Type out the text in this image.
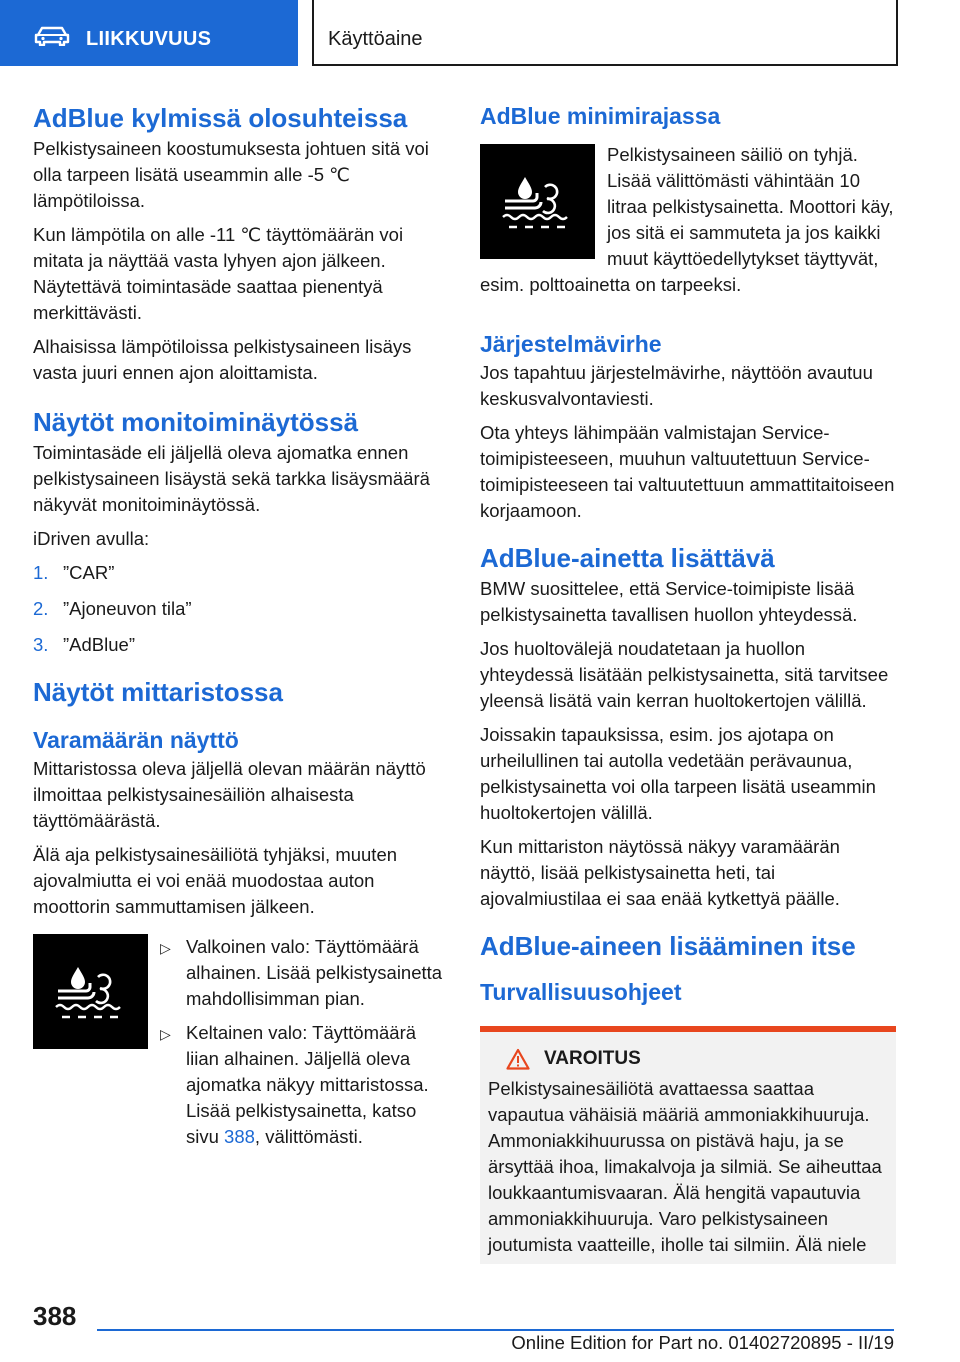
LIIKKUVUUS	Käyttöaine
AdBlue kylmissä olosuhteissa

Pelkistysaineen koostumuksesta johtuen sitä voi olla tarpeen lisätä useammin alle -5 ℃ lämpötiloissa.

Kun lämpötila on alle -11 ℃ täyttömäärän voi mitata ja näyttää vasta lyhyen ajon jälkeen. Näytettävä toimintasäde saattaa pienentyä merkittävästi.

Alhaisissa lämpötiloissa pelkistysaineen lisäys vasta juuri ennen ajon aloittamista.

Näytöt monitoiminäytössä

Toimintasäde eli jäljellä oleva ajomatka ennen pelkistysaineen lisäystä sekä tarkka lisäysmäärä näkyvät monitoiminäytössä.

iDriven avulla:

1. ”CAR”
2. ”Ajoneuvon tila”
3. ”AdBlue”
Näytöt mittaristossa
Varamäärän näyttö

Mittaristossa oleva jäljellä olevan määrän näyttö ilmoittaa pelkistysainesäiliön alhaisesta täyttömäärästä.

Älä aja pelkistysainesäiliötä tyhjäksi, muuten ajovalmiutta ei voi enää muodostaa auton moottorin sammuttamisen jälkeen.

▷ Valkoinen valo: Täyttömäärä alhainen. Lisää pelkistysainetta mahdollisimman pian.
▷ Keltainen valo: Täyttömäärä liian alhainen. Jäljellä oleva ajomatka näkyy mittaristossa. Lisää pelkistysainetta, katso sivu 388, välittömästi.
AdBlue minimirajassa

Pelkistysaineen säiliö on tyhjä. Lisää välittömästi vähintään 10 litraa pelkistysainetta. Moottori käy, jos sitä ei sammuteta ja jos kaikki muut käyttöedellytykset täyttyvät, esim. polttoainetta on tarpeeksi.

Järjestelmävirhe

Jos tapahtuu järjestelmävirhe, näyttöön avautuu keskusvalvontaviesti.

Ota yhteys lähimpään valmistajan Service-toimipisteeseen, muuhun valtuutettuun Service-toimipisteeseen tai valtuutettuun ammattitaitoiseen korjaamoon.

AdBlue-ainetta lisättävä

BMW suosittelee, että Service-toimipiste lisää pelkistysainetta tavallisen huollon yhteydessä.

Jos huoltovälejä noudatetaan ja huollon yhteydessä lisätään pelkistysainetta, sitä tarvitsee yleensä lisätä vain kerran huoltokertojen välillä.

Joissakin tapauksissa, esim. jos ajotapa on urheilullinen tai autolla vedetään perävaunua, pelkistysainetta voi olla tarpeen lisätä useammin huoltokertojen välillä.

Kun mittariston näytössä näkyy varamäärän näyttö, lisää pelkistysainetta heti, tai ajovalmiustilaa ei saa enää kytkettyä päälle.

AdBlue-aineen lisääminen itse
Turvallisuusohjeet
VAROITUS

Pelkistysainesäiliötä avattaessa saattaa vapautua vähäisiä määriä ammoniakkihuuruja. Ammoniakkihuurussa on pistävä haju, ja se ärsyttää ihoa, limakalvoja ja silmiä. Se aiheuttaa loukkaantumisvaaran. Älä hengitä vapautuvia ammoniakkihuuruja. Varo pelkistysaineen joutumista vaatteille, iholle tai silmiin. Älä niele

388
Online Edition for Part no. 01402720895 - II/19
